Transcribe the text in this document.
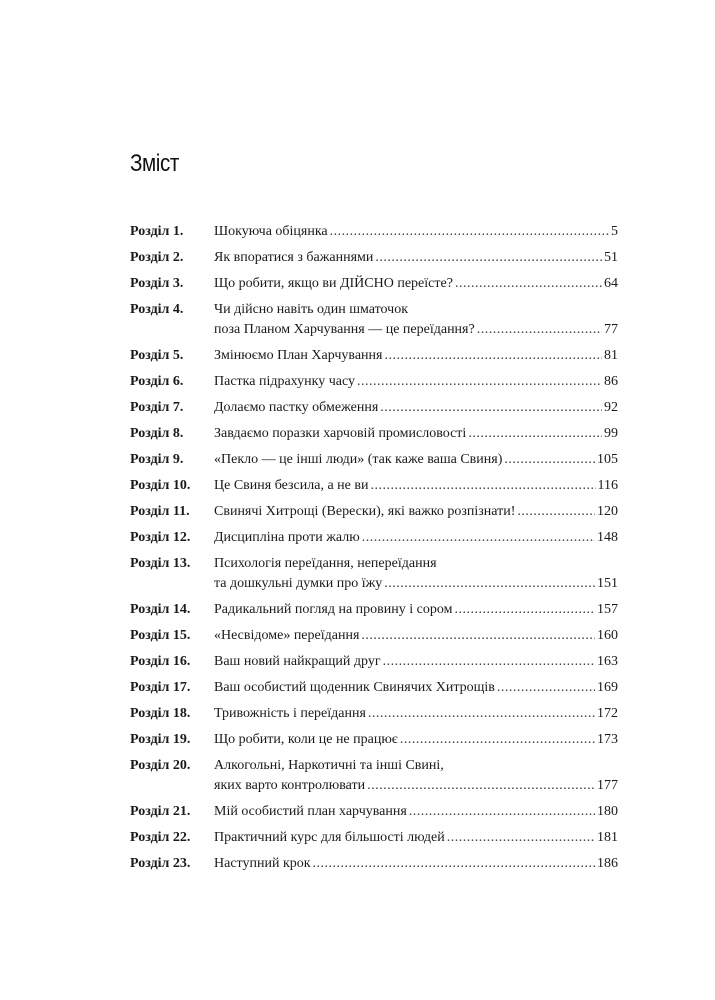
Зміст
Розділ 1.	Шокуюча обіцянка .....	5
Розділ 2.	Як впоратися з бажаннями .....	51
Розділ 3.	Що робити, якщо ви ДІЙСНО переїсте? .....	64
Розділ 4.	Чи дійсно навіть один шматочок
поза Планом Харчування — це переїдання? .....	77
Розділ 5.	Змінюємо План Харчування .....	81
Розділ 6.	Пастка підрахунку часу .....	86
Розділ 7.	Долаємо пастку обмеження .....	92
Розділ 8.	Завдаємо поразки харчовій промисловості .....	99
Розділ 9.	«Пекло — це інші люди» (так каже ваша Свиня) .....	105
Розділ 10.	Це Свиня безсила, а не ви .....	116
Розділ 11.	Свинячі Хитрощі (Верески), які важко розпізнати! .....	120
Розділ 12.	Дисципліна проти жалю .....	148
Розділ 13.	Психологія переїдання, непереїдання
та дошкульні думки про їжу .....	151
Розділ 14.	Радикальний погляд на провину і сором .....	157
Розділ 15.	«Несвідоме» переїдання .....	160
Розділ 16.	Ваш новий найкращий друг .....	163
Розділ 17.	Ваш особистий щоденник Свинячих Хитрощів .....	169
Розділ 18.	Тривожність і переїдання .....	172
Розділ 19.	Що робити, коли це не працює .....	173
Розділ 20.	Алкогольні, Наркотичні та інші Свині,
яких варто контролювати .....	177
Розділ 21.	Мій особистий план харчування .....	180
Розділ 22.	Практичний курс для більшості людей .....	181
Розділ 23.	Наступний крок .....	186
